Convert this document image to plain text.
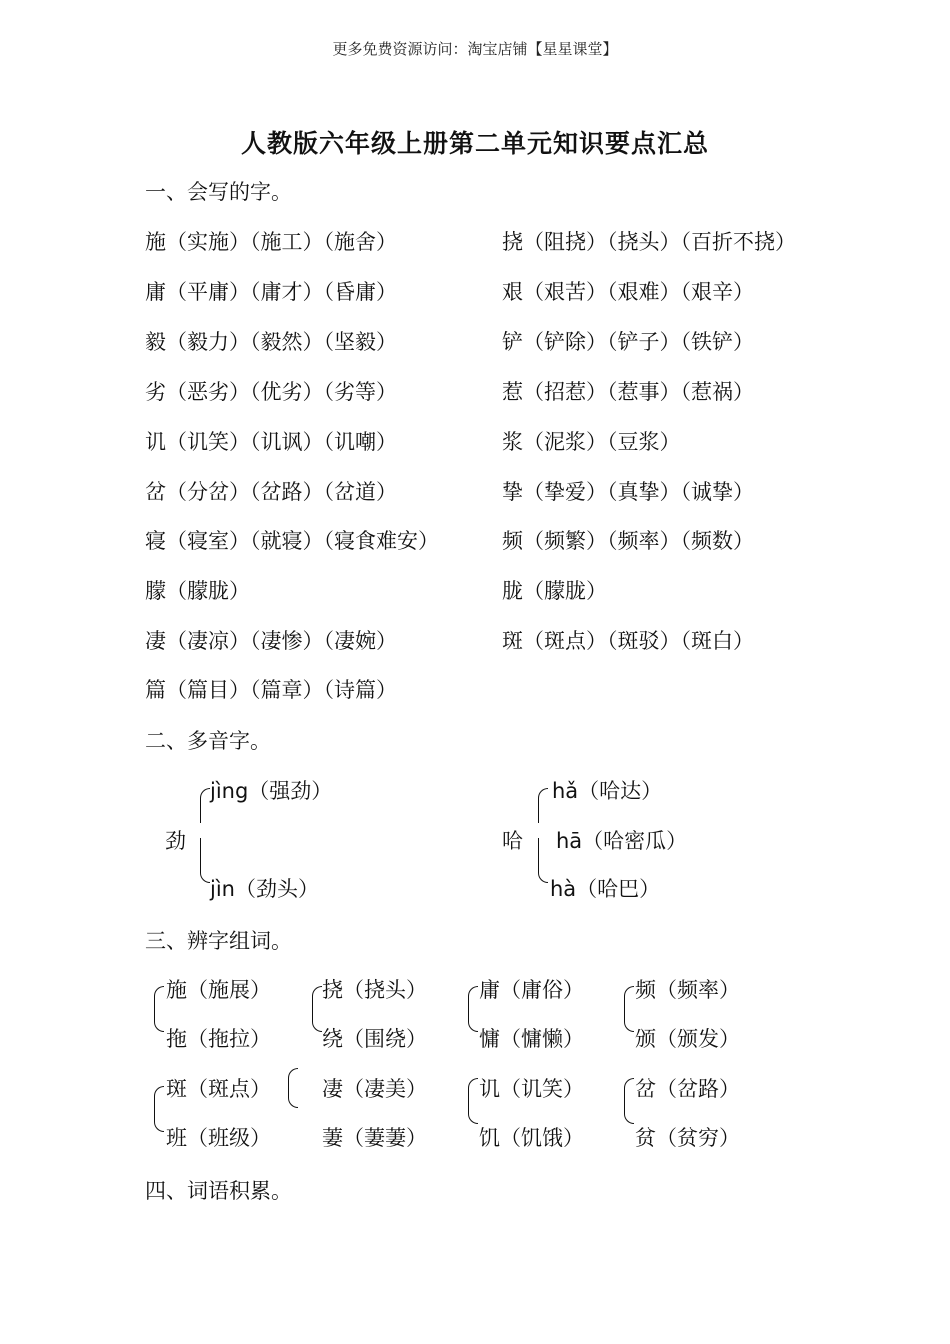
更多免费资源访问：淘宝店铺【星星课堂】
人教版六年级上册第二单元知识要点汇总
一、会写的字。
施（实施）（施工）（施舍）
庸（平庸）（庸才）（昏庸）
毅（毅力）（毅然）（坚毅）
劣（恶劣）（优劣）（劣等）
讥（讥笑）（讥讽）（讥嘲）
岔（分岔）（岔路）（岔道）
寝（寝室）（就寝）（寝食难安）
朦（朦胧）
凄（凄凉）（凄惨）（凄婉）
篇（篇目）（篇章）（诗篇）
挠（阻挠）（挠头）（百折不挠）
艰（艰苦）（艰难）（艰辛）
铲（铲除）（铲子）（铁铲）
惹（招惹）（惹事）（惹祸）
浆（泥浆）（豆浆）
挚（挚爱）（真挚）（诚挚）
频（频繁）（频率）（频数）
胧（朦胧）
斑（斑点）（斑驳）（斑白）
二、多音字。
劲
jìng（强劲）
jìn（劲头）
哈
hǎ（哈达）
hā（哈密瓜）
hà（哈巴）
三、辨字组词。
施（施展）
拖（拖拉）
挠（挠头）
绕（围绕）
庸（庸俗）
慵（慵懒）
频（频率）
颁（颁发）
斑（斑点）
班（班级）
凄（凄美）
萋（萋萋）
讥（讥笑）
饥（饥饿）
岔（岔路）
贫（贫穷）
四、词语积累。
